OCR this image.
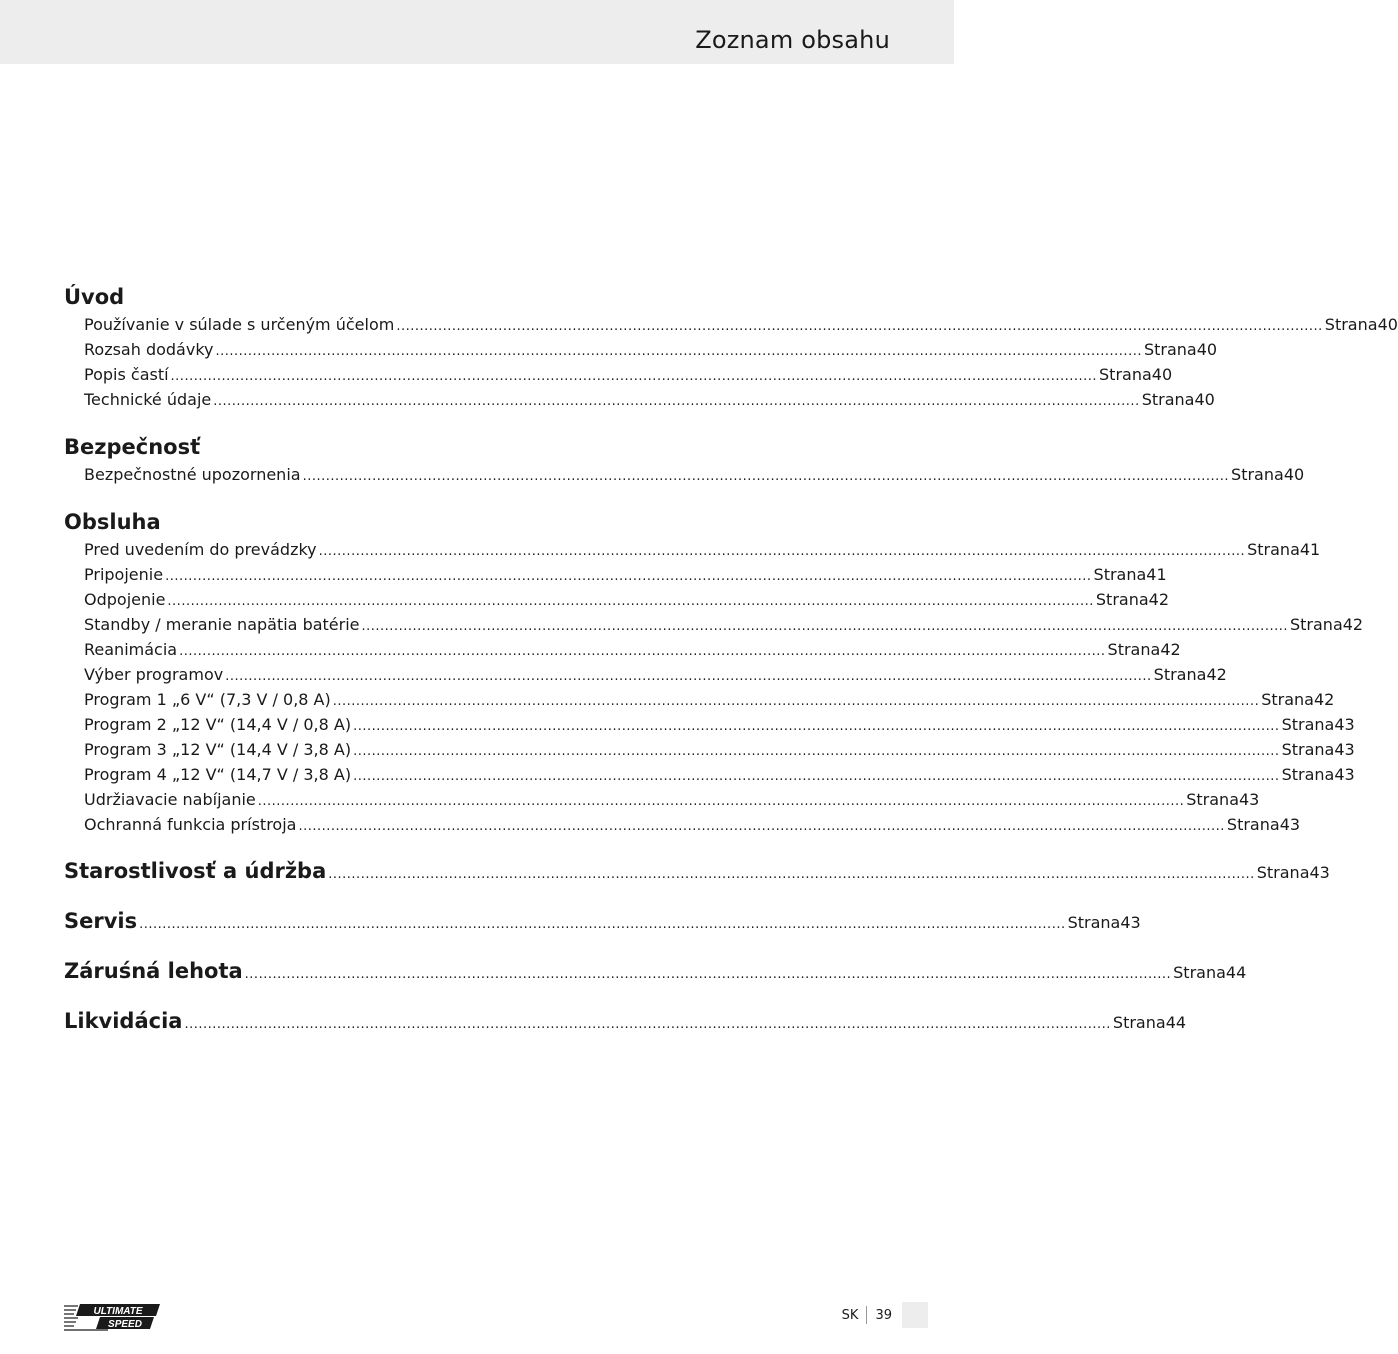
Zoznam obsahu
Úvod
Používanie v súlade s určeným účelom ........................................................................................................................................................................................................ Strana 40
Rozsah dodávky ........................................................................................................................................................................................................ Strana 40
Popis častí ........................................................................................................................................................................................................ Strana 40
Technické údaje ........................................................................................................................................................................................................ Strana 40
Bezpečnosť
Bezpečnostné upozornenia ........................................................................................................................................................................................................ Strana 40
Obsluha
Pred uvedením do prevádzky ........................................................................................................................................................................................................ Strana 41
Pripojenie ........................................................................................................................................................................................................ Strana 41
Odpojenie ........................................................................................................................................................................................................ Strana 42
Standby / meranie napätia batérie ........................................................................................................................................................................................................ Strana 42
Reanimácia ........................................................................................................................................................................................................ Strana 42
Výber programov ........................................................................................................................................................................................................ Strana 42
Program 1 „6 V“ (7,3 V / 0,8 A) ........................................................................................................................................................................................................ Strana 42
Program 2 „12 V“ (14,4 V / 0,8 A) ........................................................................................................................................................................................................ Strana 43
Program 3 „12 V“ (14,4 V / 3,8 A) ........................................................................................................................................................................................................ Strana 43
Program 4 „12 V“ (14,7 V / 3,8 A) ........................................................................................................................................................................................................ Strana 43
Udržiavacie nabíjanie ........................................................................................................................................................................................................ Strana 43
Ochranná funkcia prístroja ........................................................................................................................................................................................................ Strana 43
Starostlivosť a údržba ........................................................................................................................................................................................................ Strana 43
Servis ........................................................................................................................................................................................................ Strana 43
Záruśná lehota ........................................................................................................................................................................................................ Strana 44
Likvidácia ........................................................................................................................................................................................................ Strana 44
ULTIMATE
SPEED
SK	39
